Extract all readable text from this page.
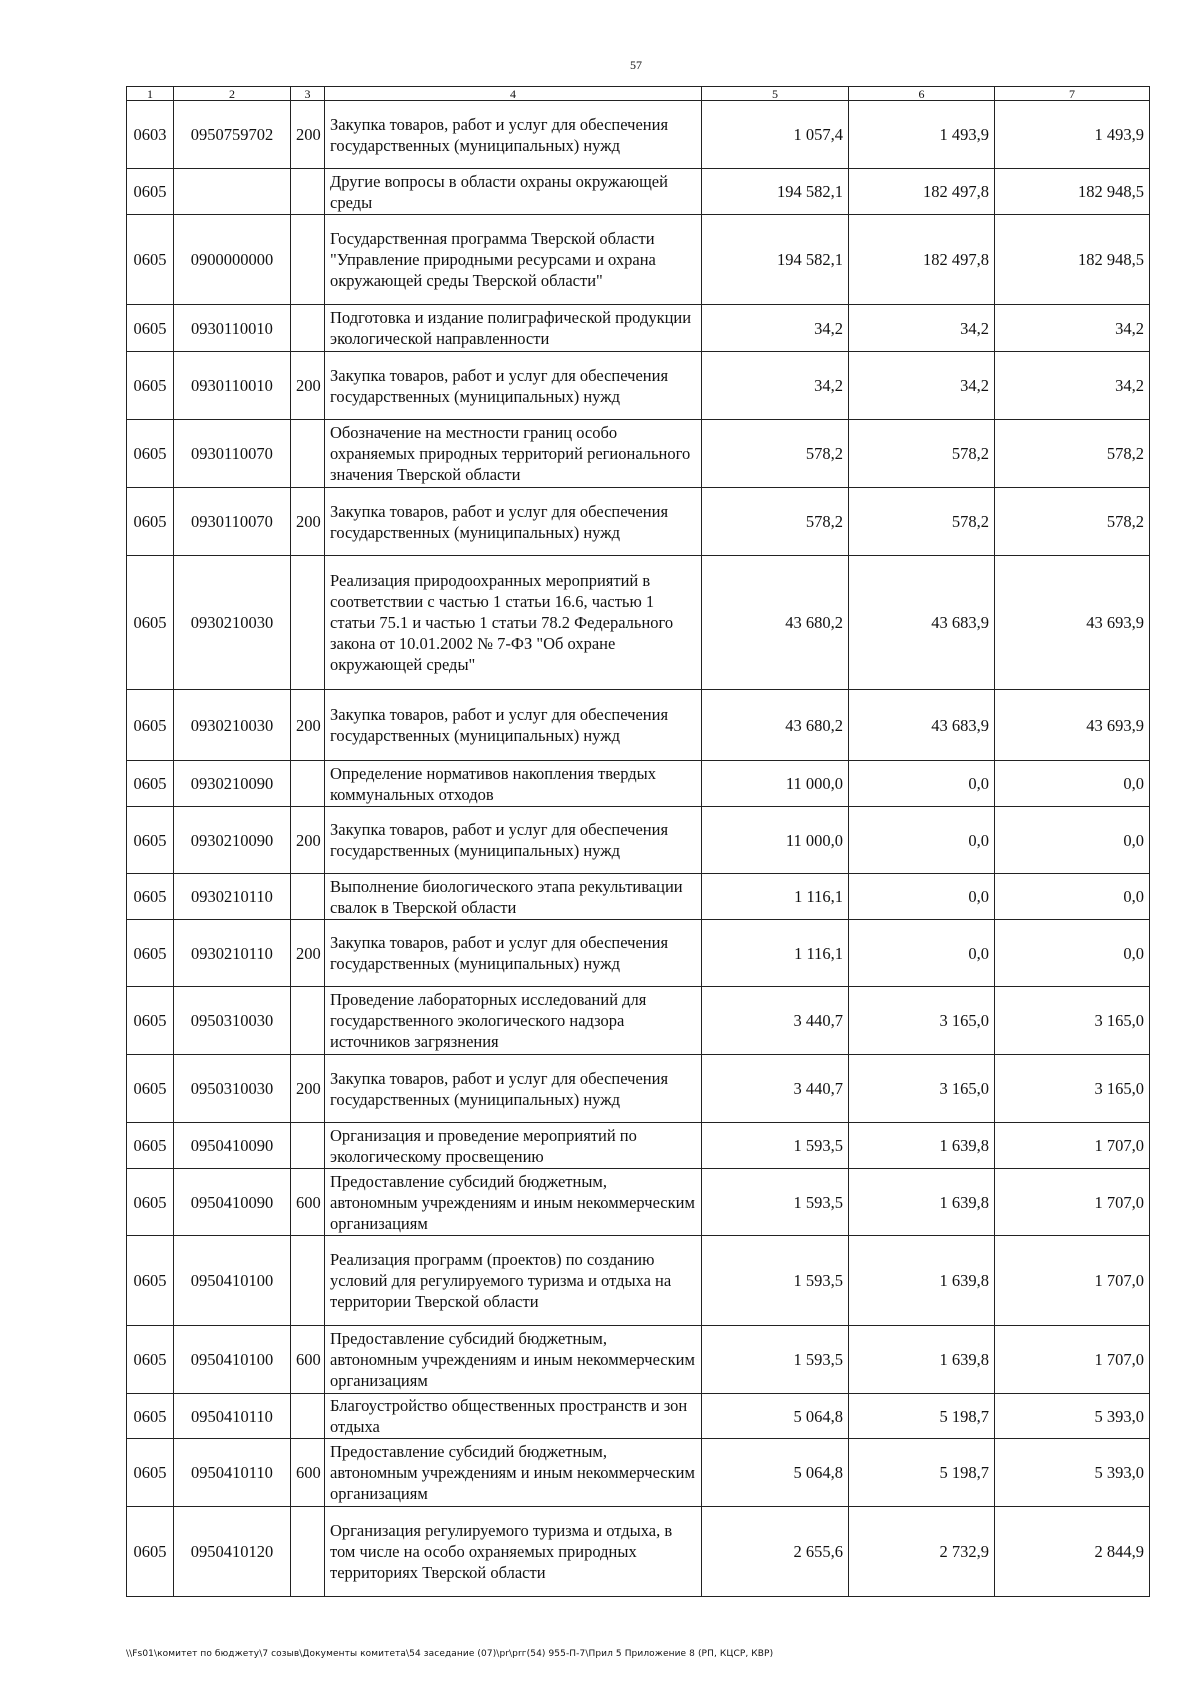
57
1	2	3	4	5	6	7
0603	0950759702	200	Закупка товаров, работ и услуг для обеспечения государственных (муниципальных) нужд	1 057,4	1 493,9	1 493,9
0605			Другие вопросы в области охраны окружающей среды	194 582,1	182 497,8	182 948,5
0605	0900000000		Государственная программа Тверской области "Управление природными ресурсами и охрана окружающей среды Тверской области"	194 582,1	182 497,8	182 948,5
0605	0930110010		Подготовка и издание полиграфической продукции экологической направленности	34,2	34,2	34,2
0605	0930110010	200	Закупка товаров, работ и услуг для обеспечения государственных (муниципальных) нужд	34,2	34,2	34,2
0605	0930110070		Обозначение на местности границ особо охраняемых природных территорий регионального значения Тверской области	578,2	578,2	578,2
0605	0930110070	200	Закупка товаров, работ и услуг для обеспечения государственных (муниципальных) нужд	578,2	578,2	578,2
0605	0930210030		Реализация природоохранных мероприятий в соответствии с частью 1 статьи 16.6, частью 1 статьи 75.1 и частью 1 статьи 78.2 Федерального закона от 10.01.2002 № 7-ФЗ "Об охране окружающей среды"	43 680,2	43 683,9	43 693,9
0605	0930210030	200	Закупка товаров, работ и услуг для обеспечения государственных (муниципальных) нужд	43 680,2	43 683,9	43 693,9
0605	0930210090		Определение нормативов накопления твердых коммунальных отходов	11 000,0	0,0	0,0
0605	0930210090	200	Закупка товаров, работ и услуг для обеспечения государственных (муниципальных) нужд	11 000,0	0,0	0,0
0605	0930210110		Выполнение биологического этапа рекультивации свалок в Тверской области	1 116,1	0,0	0,0
0605	0930210110	200	Закупка товаров, работ и услуг для обеспечения государственных (муниципальных) нужд	1 116,1	0,0	0,0
0605	0950310030		Проведение лабораторных исследований для государственного экологического надзора источников загрязнения	3 440,7	3 165,0	3 165,0
0605	0950310030	200	Закупка товаров, работ и услуг для обеспечения государственных (муниципальных) нужд	3 440,7	3 165,0	3 165,0
0605	0950410090		Организация и проведение мероприятий по экологическому просвещению	1 593,5	1 639,8	1 707,0
0605	0950410090	600	Предоставление субсидий бюджетным, автономным учреждениям и иным некоммерческим организациям	1 593,5	1 639,8	1 707,0
0605	0950410100		Реализация программ (проектов) по созданию условий для регулируемого туризма и отдыха на территории Тверской области	1 593,5	1 639,8	1 707,0
0605	0950410100	600	Предоставление субсидий бюджетным, автономным учреждениям и иным некоммерческим организациям	1 593,5	1 639,8	1 707,0
0605	0950410110		Благоустройство общественных пространств и зон отдыха	5 064,8	5 198,7	5 393,0
0605	0950410110	600	Предоставление субсидий бюджетным, автономным учреждениям и иным некоммерческим организациям	5 064,8	5 198,7	5 393,0
0605	0950410120		Организация регулируемого туризма и отдыха, в том числе на особо охраняемых природных территориях Тверской области	2 655,6	2 732,9	2 844,9
\\Fs01\комитет по бюджету\7 созыв\Документы комитета\54 заседание (07)\pr\prг(54) 955-П-7\Прил 5 Приложение 8 (РП, КЦСР, КВР)
